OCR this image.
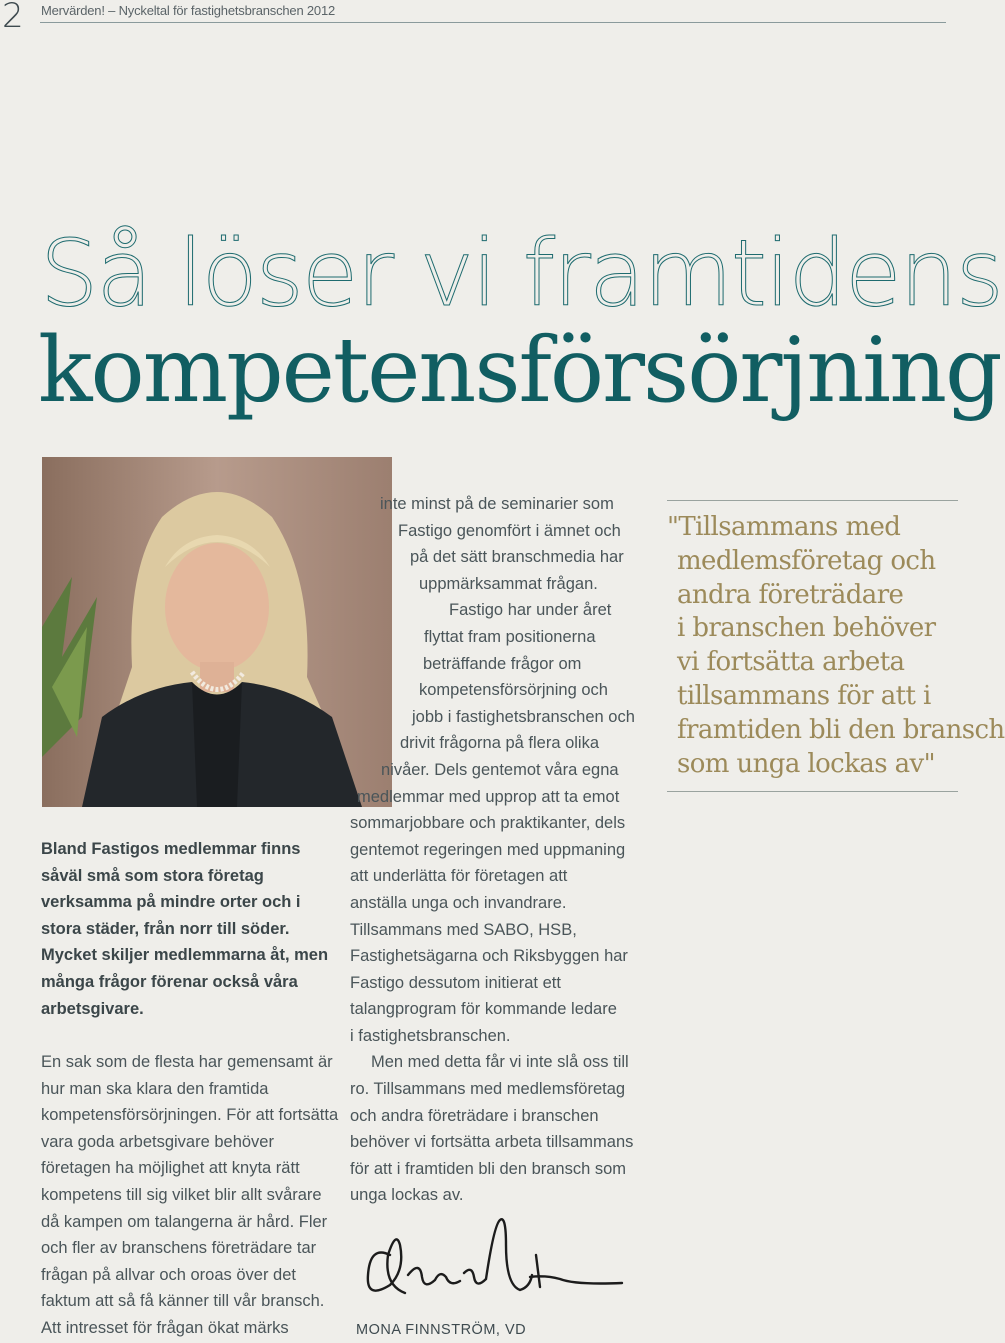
2 Mervärden! – Nyckeltal för fastighetsbranschen 2012
Så löser vi framtidens
kompetensförsörjning
Bland Fastigos medlemmar finns såväl små som stora företag verksamma på mindre orter och i stora städer, från norr till söder. Mycket skiljer medlemmarna åt, men många frågor förenar också våra arbetsgivare.
En sak som de flesta har gemensamt är hur man ska klara den framtida kompetensförsörjningen. För att fortsätta vara goda arbetsgivare behöver företagen ha möjlighet att knyta rätt kompetens till sig vilket blir allt svårare då kampen om talangerna är hård. Fler och fler av branschens företrädare tar frågan på allvar och oroas över det faktum att så få känner till vår bransch. Att intresset för frågan ökat märks
inte minst på de seminarier som
Fastigo genomfört i ämnet och
på det sätt branschmedia har
uppmärksammat frågan.
Fastigo har under året
flyttat fram positionerna
beträffande frågor om
kompetensförsörjning och
jobb i fastighetsbranschen och
drivit frågorna på flera olika
nivåer. Dels gentemot våra egna
medlemmar med upprop att ta emot
sommarjobbare och praktikanter, dels
gentemot regeringen med uppmaning
att underlätta för företagen att
anställa unga och invandrare.
Tillsammans med SABO, HSB,
Fastighetsägarna och Riksbyggen har
Fastigo dessutom initierat ett
talangprogram för kommande ledare
i fastighetsbranschen.
Men med detta får vi inte slå oss till
ro. Tillsammans med medlemsföretag
och andra företrädare i branschen
behöver vi fortsätta arbeta tillsammans
för att i framtiden bli den bransch som
unga lockas av.
"Tillsammans med
medlemsföretag och
andra företrädare
i branschen behöver
vi fortsätta arbeta
tillsammans för att i
framtiden bli den bransch
som unga lockas av"
MONA FINNSTRÖM, VD
